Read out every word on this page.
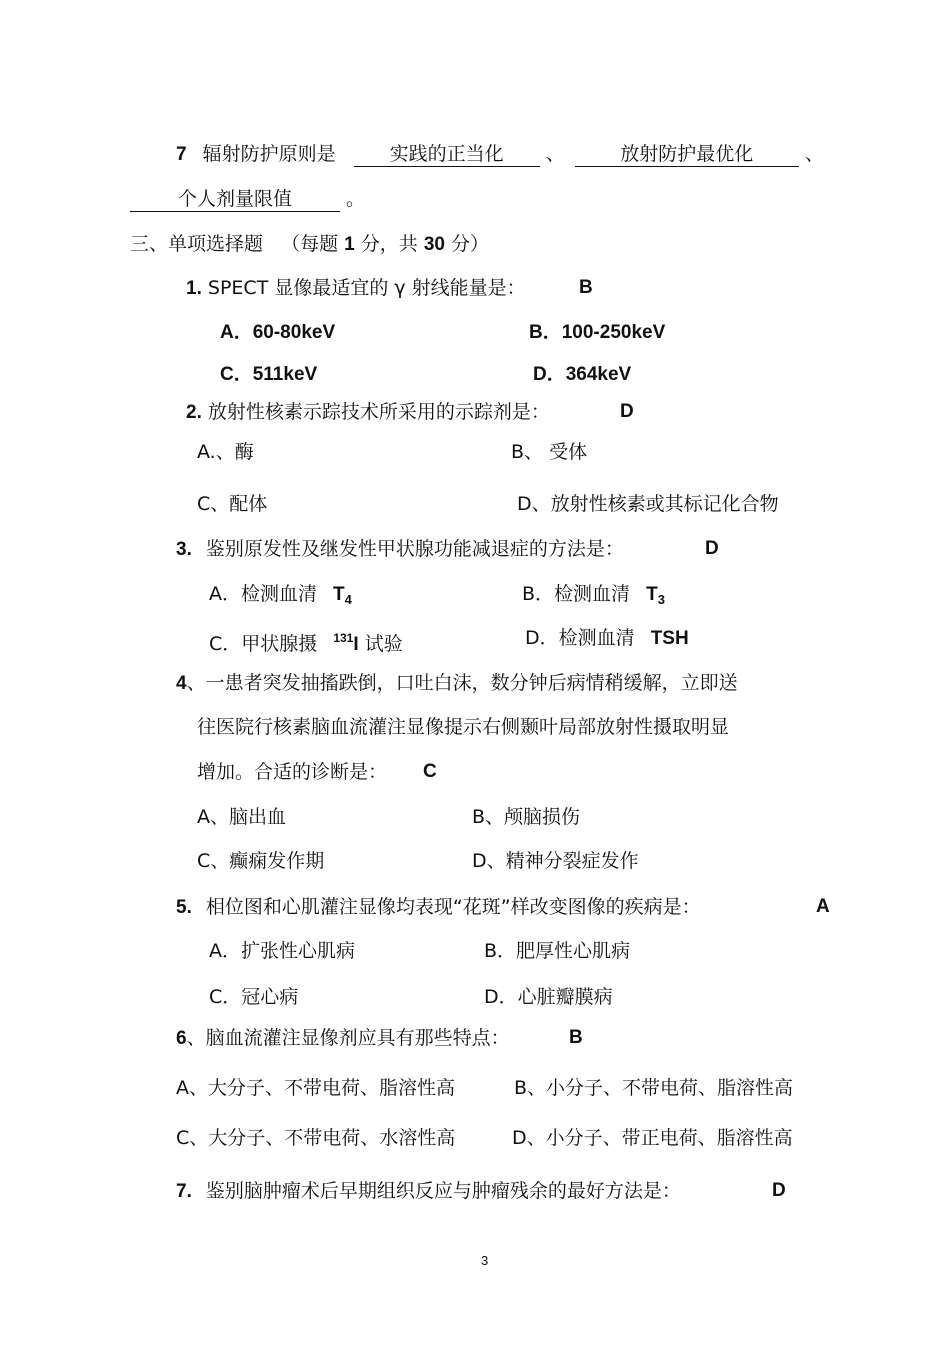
7 辐射防护原则是	实践的正当化 、	放射防护最优化	、
个人剂量限值	。
三、单项选择题 （每题 1 分，共 30 分）
1. SPECT 显像最适宜的 γ 射线能量是：	B
A．60-80keV	B．100-250keV
C．511keV	D．364keV
2. 放射性核素示踪技术所采用的示踪剂是：	D
A.、酶	B、 受体
C、配体	D、放射性核素或其标记化合物
3. 鉴别原发性及继发性甲状腺功能减退症的方法是：	D
A．检测血清 $T_4$	B．检测血清 $T_3$
C．甲状腺摄 $^{131}$I 试验	D．检测血清 TSH
4、一患者突发抽搐跌倒，口吐白沫，数分钟后病情稍缓解，立即送
往医院行核素脑血流灌注显像提示右侧颞叶局部放射性摄取明显
增加。合适的诊断是： C
A、脑出血	B、颅脑损伤
C、癫痫发作期	D、精神分裂症发作
5. 相位图和心肌灌注显像均表现“花斑”样改变图像的疾病是：	A
A．扩张性心肌病	B．肥厚性心肌病
C．冠心病	D．心脏瓣膜病
6、脑血流灌注显像剂应具有那些特点：	B
A、大分子、不带电荷、脂溶性高	B、小分子、不带电荷、脂溶性高
C、大分子、不带电荷、水溶性高	D、小分子、带正电荷、脂溶性高
7. 鉴别脑肿瘤术后早期组织反应与肿瘤残余的最好方法是：	D
3
